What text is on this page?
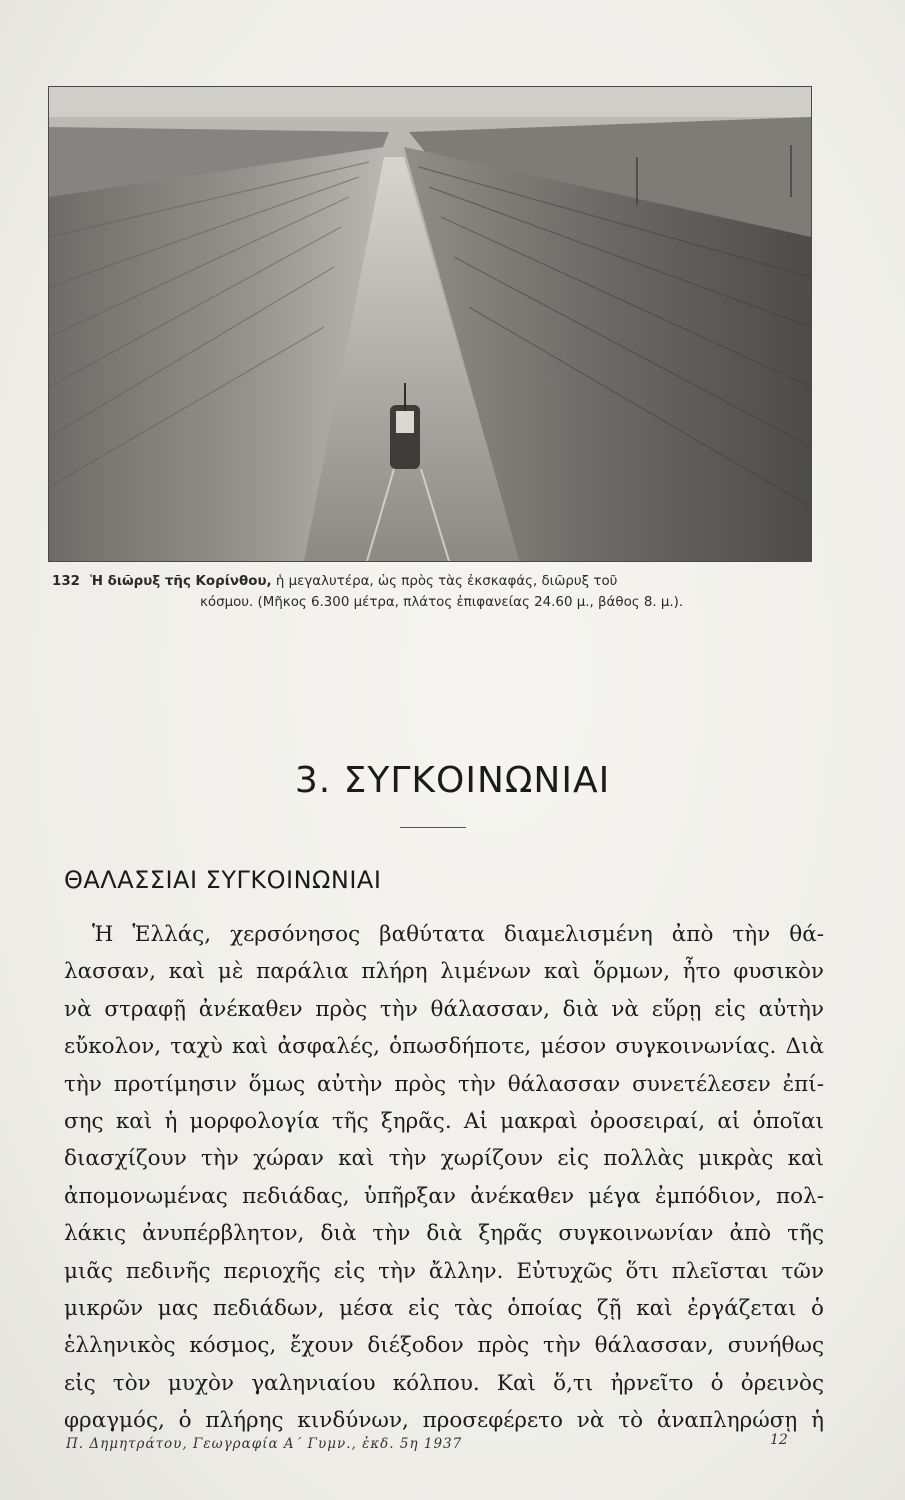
132 Ἡ διῶρυξ τῆς Κορίνθου, ἡ μεγαλυτέρα, ὡς πρὸς τὰς ἐκσκαφάς, διῶρυξ τοῦ
κόσμου. (Μῆκος 6.300 μέτρα, πλάτος ἐπιφανείας 24.60 μ., βάθος 8. μ.).
3. ΣΥΓΚΟΙΝΩΝΙΑΙ
ΘΑΛΑΣΣΙΑΙ ΣΥΓΚΟΙΝΩΝΙΑΙ
Ἡ Ἑλλάς, χερσόνησος βαθύτατα διαμελισμένη ἀπὸ τὴν θά-
λασσαν, καὶ μὲ παράλια πλήρη λιμένων καὶ ὅρμων, ἦτο φυσικὸν
νὰ στραφῇ ἀνέκαθεν πρὸς τὴν θάλασσαν, διὰ νὰ εὕρῃ εἰς αὐτὴν
εὔκολον, ταχὺ καὶ ἀσφαλές, ὁπωσδήποτε, μέσον συγκοινωνίας. Διὰ
τὴν προτίμησιν ὅμως αὐτὴν πρὸς τὴν θάλασσαν συνετέλεσεν ἐπί-
σης καὶ ἡ μορφολογία τῆς ξηρᾶς. Αἱ μακραὶ ὀροσειραί, αἱ ὁποῖαι
διασχίζουν τὴν χώραν καὶ τὴν χωρίζουν εἰς πολλὰς μικρὰς καὶ
ἀπομονωμένας πεδιάδας, ὑπῆρξαν ἀνέκαθεν μέγα ἐμπόδιον, πολ-
λάκις ἀνυπέρβλητον, διὰ τὴν διὰ ξηρᾶς συγκοινωνίαν ἀπὸ τῆς
μιᾶς πεδινῆς περιοχῆς εἰς τὴν ἄλλην. Εὐτυχῶς ὅτι πλεῖσται τῶν
μικρῶν μας πεδιάδων, μέσα εἰς τὰς ὁποίας ζῇ καὶ ἐργάζεται ὁ
ἑλληνικὸς κόσμος, ἔχουν διέξοδον πρὸς τὴν θάλασσαν, συνήθως
εἰς τὸν μυχὸν γαληνιαίου κόλπου. Καὶ ὅ,τι ἠρνεῖτο ὁ ὀρεινὸς
φραγμός, ὁ πλήρης κινδύνων, προσεφέρετο νὰ τὸ ἀναπληρώσῃ ἡ
Π. Δημητράτου, Γεωγραφία Α΄ Γυμν., ἐκδ. 5η 1937	12
